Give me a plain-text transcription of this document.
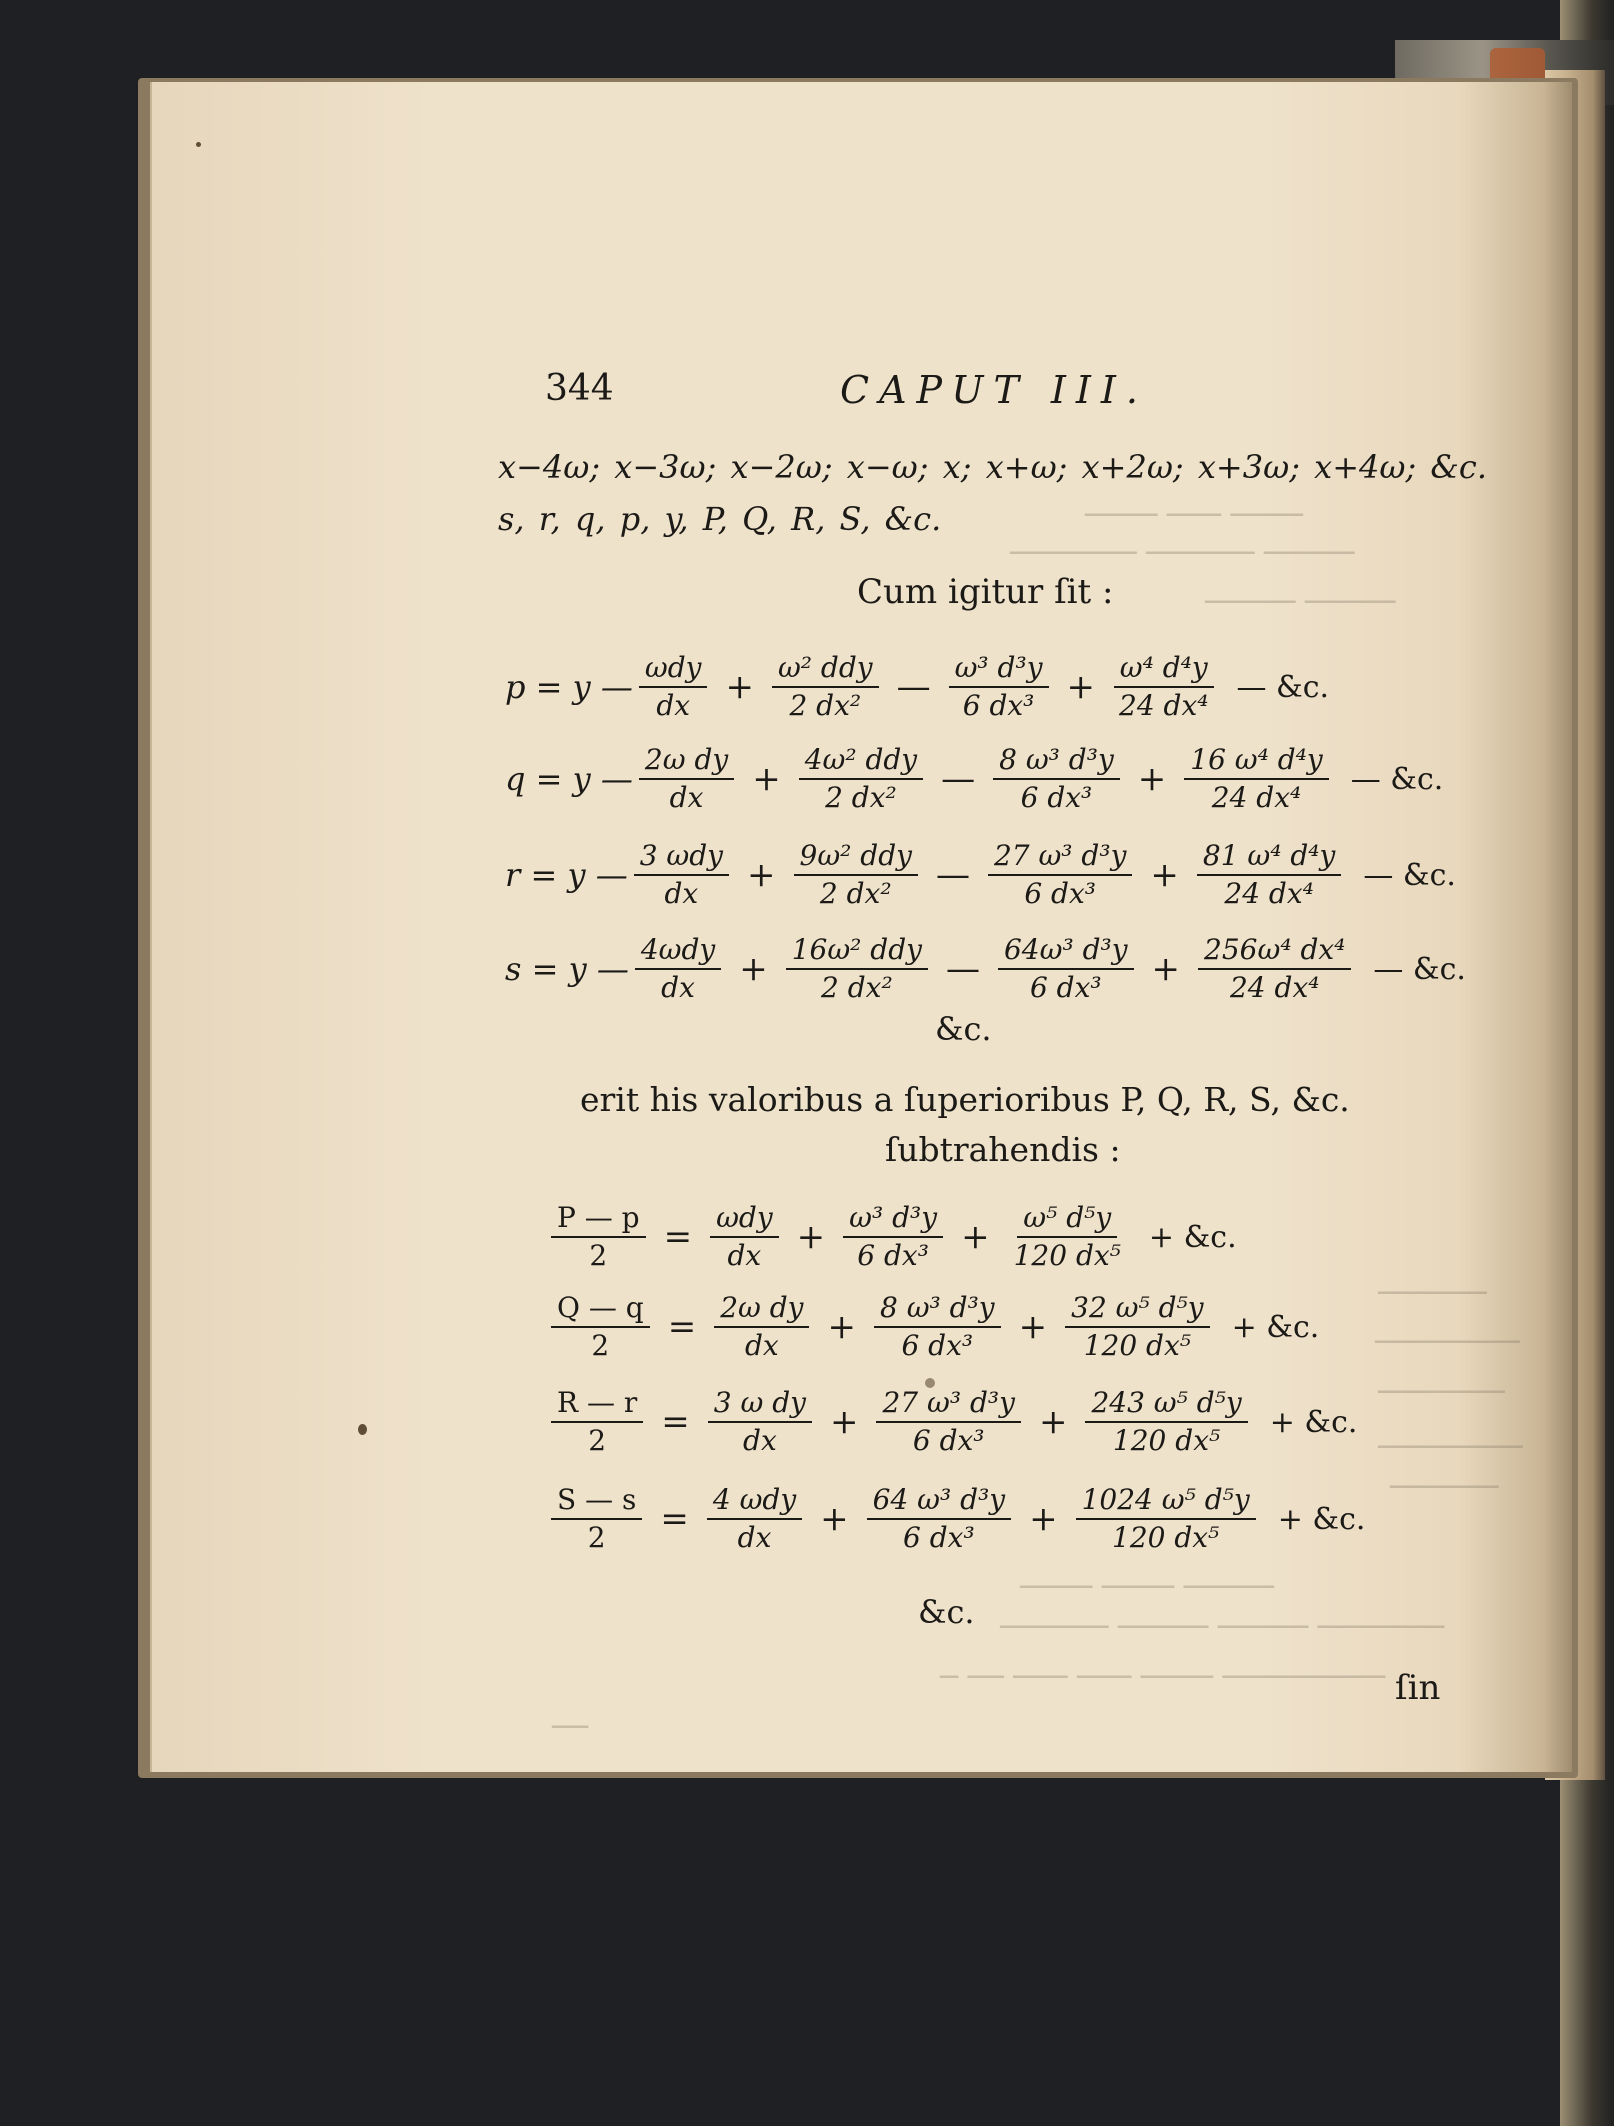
──── ─── ────
─────── ────── ─────
───── ─────
──────
────────
───────
────────
──────
──── ──── ─────
────── ───── ───── ───────
─ ── ─── ─── ──── ─────────
──
344	CAPUT III.
x−4ω; x−3ω; x−2ω; x−ω; x; x+ω; x+2ω; x+3ω; x+4ω; &c.
s, r, q, p, y, P, Q, R, S, &c.
Cum igitur ſit :
p = y — $\frac{\text{ωdy}}{dx} + \frac{\text{ω² ddy}}{\text{2 dx²}}$ — $\frac{\text{ω³ d³y}}{\text{6 dx³}} + \frac{\text{ω⁴ d⁴y}}{\text{24 dx⁴}}$ — &c.
q = y — $\frac{\text{2ω dy}}{dx} + \frac{\text{4ω² ddy}}{\text{2 dx²}}$ — $\frac{\text{8 ω³ d³y}}{\text{6 dx³}} + \frac{\text{16 ω⁴ d⁴y}}{\text{24 dx⁴}}$ — &c.
r = y — $\frac{\text{3 ωdy}}{dx} + \frac{\text{9ω² ddy}}{\text{2 dx²}}$ — $\frac{\text{27 ω³ d³y}}{\text{6 dx³}} + \frac{\text{81 ω⁴ d⁴y}}{\text{24 dx⁴}}$ — &c.
s = y — $\frac{\text{4ωdy}}{dx} + \frac{\text{16ω² ddy}}{\text{2 dx²}}$ — $\frac{\text{64ω³ d³y}}{\text{6 dx³}} + \frac{\text{256ω⁴ dx⁴}}{\text{24 dx⁴}}$ — &c.
&c.
erit his valoribus a ſuperioribus P, Q, R, S, &c.
ſubtrahendis :
$\frac{P — p}{2} = \frac{\text{ωdy}}{dx} + \frac{\text{ω³ d³y}}{\text{6 dx³}} + \frac{\text{ω⁵ d⁵y}}{\text{120 dx⁵}}$ + &c.
$\frac{Q — q}{2} = \frac{\text{2ω dy}}{dx} + \frac{\text{8 ω³ d³y}}{\text{6 dx³}} + \frac{\text{32 ω⁵ d⁵y}}{\text{120 dx⁵}}$ + &c.
$\frac{R — r}{2} = \frac{\text{3 ω dy}}{dx} + \frac{\text{27 ω³ d³y}}{\text{6 dx³}} + \frac{\text{243 ω⁵ d⁵y}}{\text{120 dx⁵}}$ + &c.
$\frac{S — s}{2} = \frac{\text{4 ωdy}}{dx} + \frac{\text{64 ω³ d³y}}{\text{6 dx³}} + \frac{\text{1024 ω⁵ d⁵y}}{\text{120 dx⁵}}$ + &c.
&c.
ſin
